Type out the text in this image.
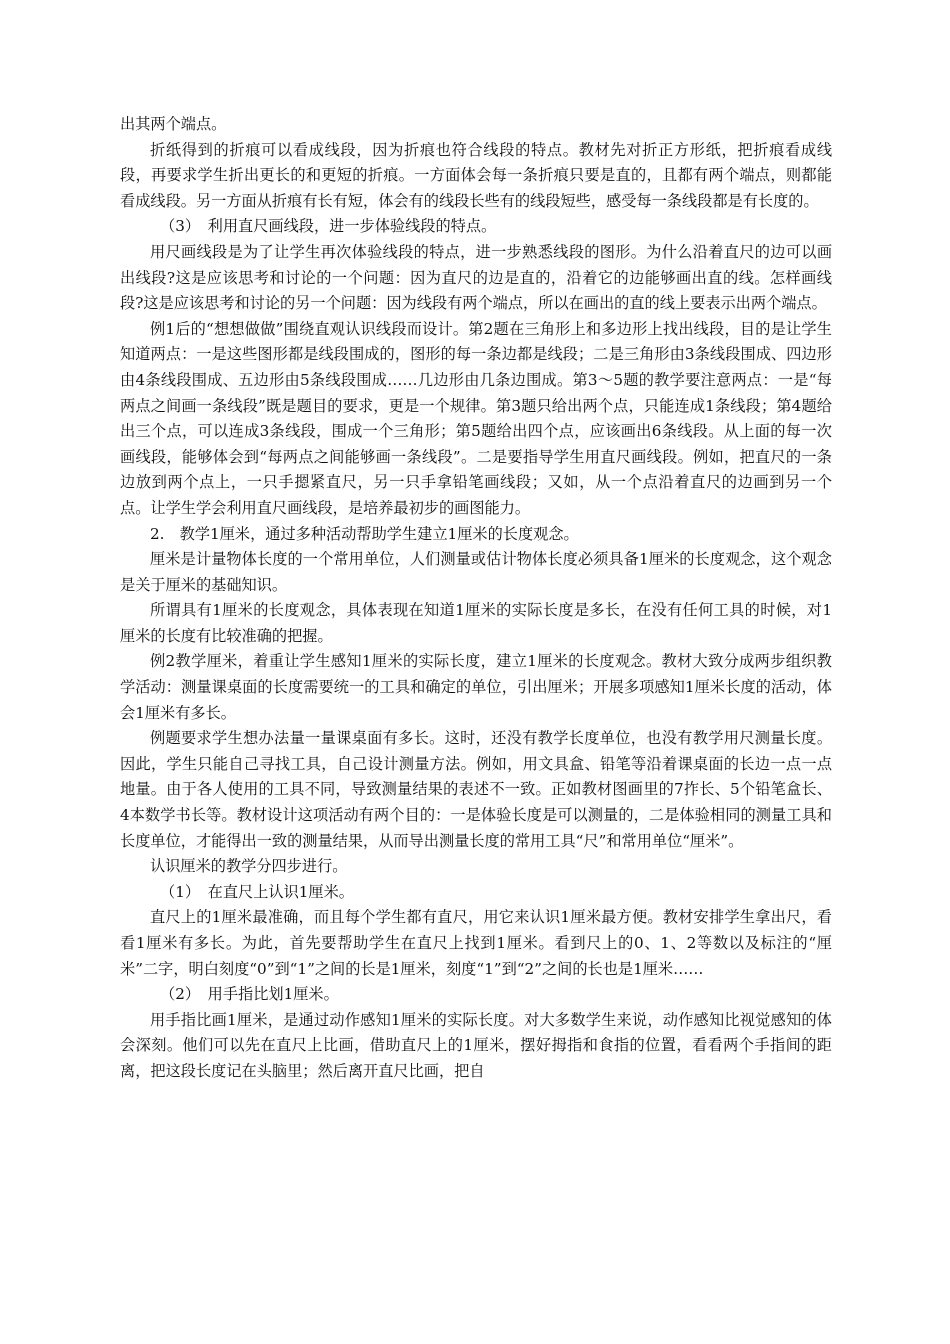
出其两个端点。

折纸得到的折痕可以看成线段，因为折痕也符合线段的特点。教材先对折正方形纸，把折痕看成线段，再要求学生折出更长的和更短的折痕。一方面体会每一条折痕只要是直的，且都有两个端点，则都能看成线段。另一方面从折痕有长有短，体会有的线段长些有的线段短些，感受每一条线段都是有长度的。

（3）　利用直尺画线段，进一步体验线段的特点。

用尺画线段是为了让学生再次体验线段的特点，进一步熟悉线段的图形。为什么沿着直尺的边可以画出线段?这是应该思考和讨论的一个问题：因为直尺的边是直的，沿着它的边能够画出直的线。怎样画线段?这是应该思考和讨论的另一个问题：因为线段有两个端点，所以在画出的直的线上要表示出两个端点。

例1后的“想想做做”围绕直观认识线段而设计。第2题在三角形上和多边形上找出线段，目的是让学生知道两点：一是这些图形都是线段围成的，图形的每一条边都是线段；二是三角形由3条线段围成、四边形由4条线段围成、五边形由5条线段围成……几边形由几条边围成。第3～5题的教学要注意两点：一是“每两点之间画一条线段”既是题目的要求，更是一个规律。第3题只给出两个点，只能连成1条线段；第4题给出三个点，可以连成3条线段，围成一个三角形；第5题给出四个点，应该画出6条线段。从上面的每一次画线段，能够体会到“每两点之间能够画一条线段”。二是要指导学生用直尺画线段。例如，把直尺的一条边放到两个点上，一只手摁紧直尺，另一只手拿铅笔画线段；又如，从一个点沿着直尺的边画到另一个点。让学生学会利用直尺画线段，是培养最初步的画图能力。

2.　教学1厘米，通过多种活动帮助学生建立1厘米的长度观念。

厘米是计量物体长度的一个常用单位，人们测量或估计物体长度必须具备1厘米的长度观念，这个观念是关于厘米的基础知识。

所谓具有1厘米的长度观念，具体表现在知道1厘米的实际长度是多长，在没有任何工具的时候，对1厘米的长度有比较准确的把握。

例2教学厘米，着重让学生感知1厘米的实际长度，建立1厘米的长度观念。教材大致分成两步组织教学活动：测量课桌面的长度需要统一的工具和确定的单位，引出厘米；开展多项感知1厘米长度的活动，体会1厘米有多长。

例题要求学生想办法量一量课桌面有多长。这时，还没有教学长度单位，也没有教学用尺测量长度。因此，学生只能自己寻找工具，自己设计测量方法。例如，用文具盒、铅笔等沿着课桌面的长边一点一点地量。由于各人使用的工具不同，导致测量结果的表述不一致。正如教材图画里的7拃长、5个铅笔盒长、4本数学书长等。教材设计这项活动有两个目的：一是体验长度是可以测量的，二是体验相同的测量工具和长度单位，才能得出一致的测量结果，从而导出测量长度的常用工具“尺”和常用单位“厘米”。

认识厘米的教学分四步进行。

（1）　在直尺上认识1厘米。

直尺上的1厘米最准确，而且每个学生都有直尺，用它来认识1厘米最方便。教材安排学生拿出尺，看看1厘米有多长。为此，首先要帮助学生在直尺上找到1厘米。看到尺上的0、1、2等数以及标注的“厘米”二字，明白刻度“0”到“1”之间的长是1厘米，刻度“1”到“2”之间的长也是1厘米……

（2）　用手指比划1厘米。

用手指比画1厘米，是通过动作感知1厘米的实际长度。对大多数学生来说，动作感知比视觉感知的体会深刻。他们可以先在直尺上比画，借助直尺上的1厘米，摆好拇指和食指的位置，看看两个手指间的距离，把这段长度记在头脑里；然后离开直尺比画，把自
